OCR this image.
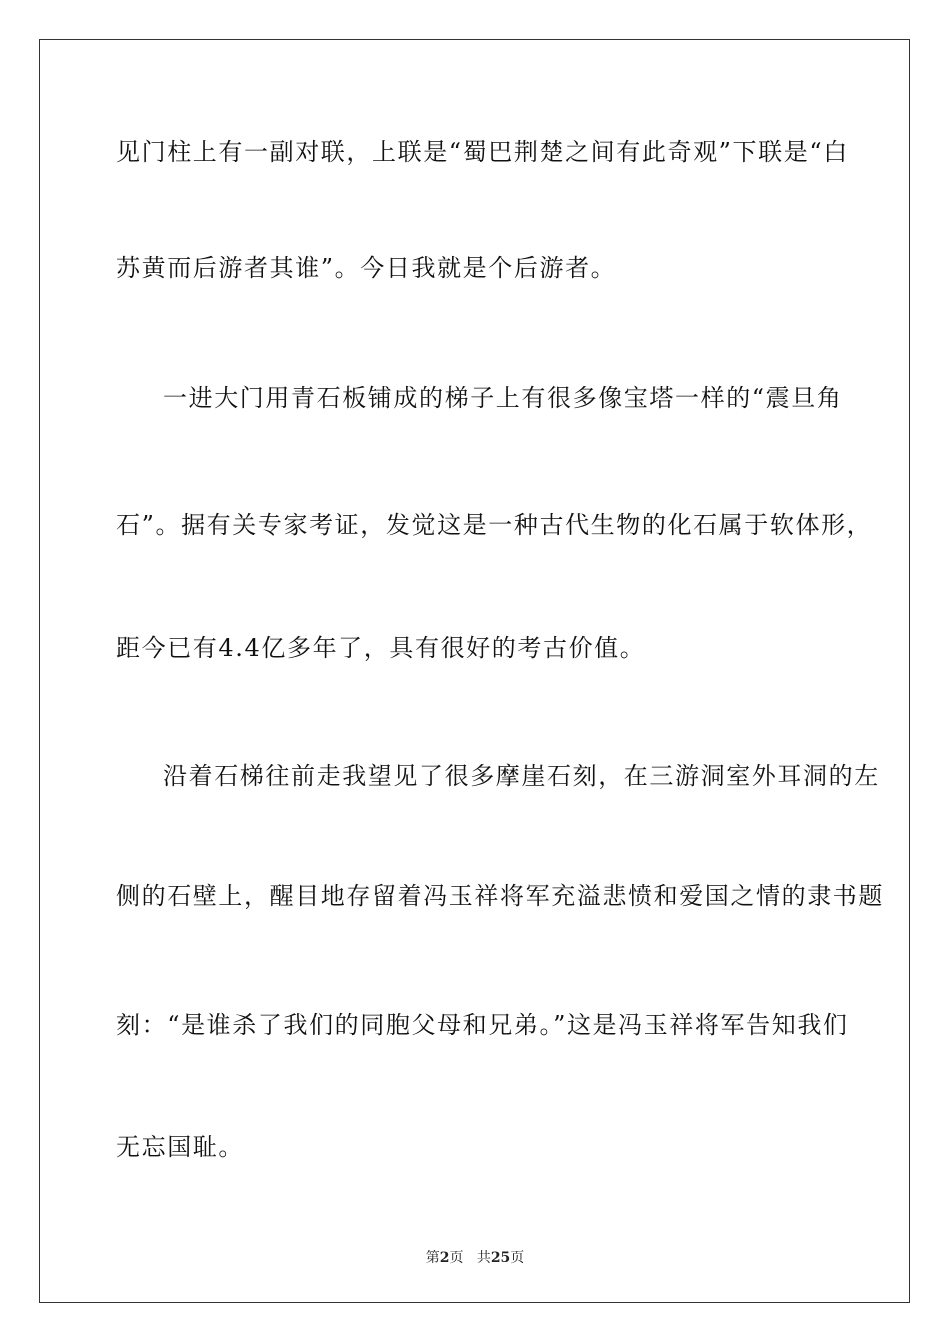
见门柱上有一副对联，上联是“蜀巴荆楚之间有此奇观”下联是“白
苏黄而后游者其谁”。今日我就是个后游者。
一进大门用青石板铺成的梯子上有很多像宝塔一样的“震旦角
石”。据有关专家考证，发觉这是一种古代生物的化石属于软体形，
距今已有4.4亿多年了，具有很好的考古价值。
沿着石梯往前走我望见了很多摩崖石刻，在三游洞室外耳洞的左
侧的石壁上，醒目地存留着冯玉祥将军充溢悲愤和爱国之情的隶书题
刻：“是谁杀了我们的同胞父母和兄弟。”这是冯玉祥将军告知我们
无忘国耻。
第2页 共25页
